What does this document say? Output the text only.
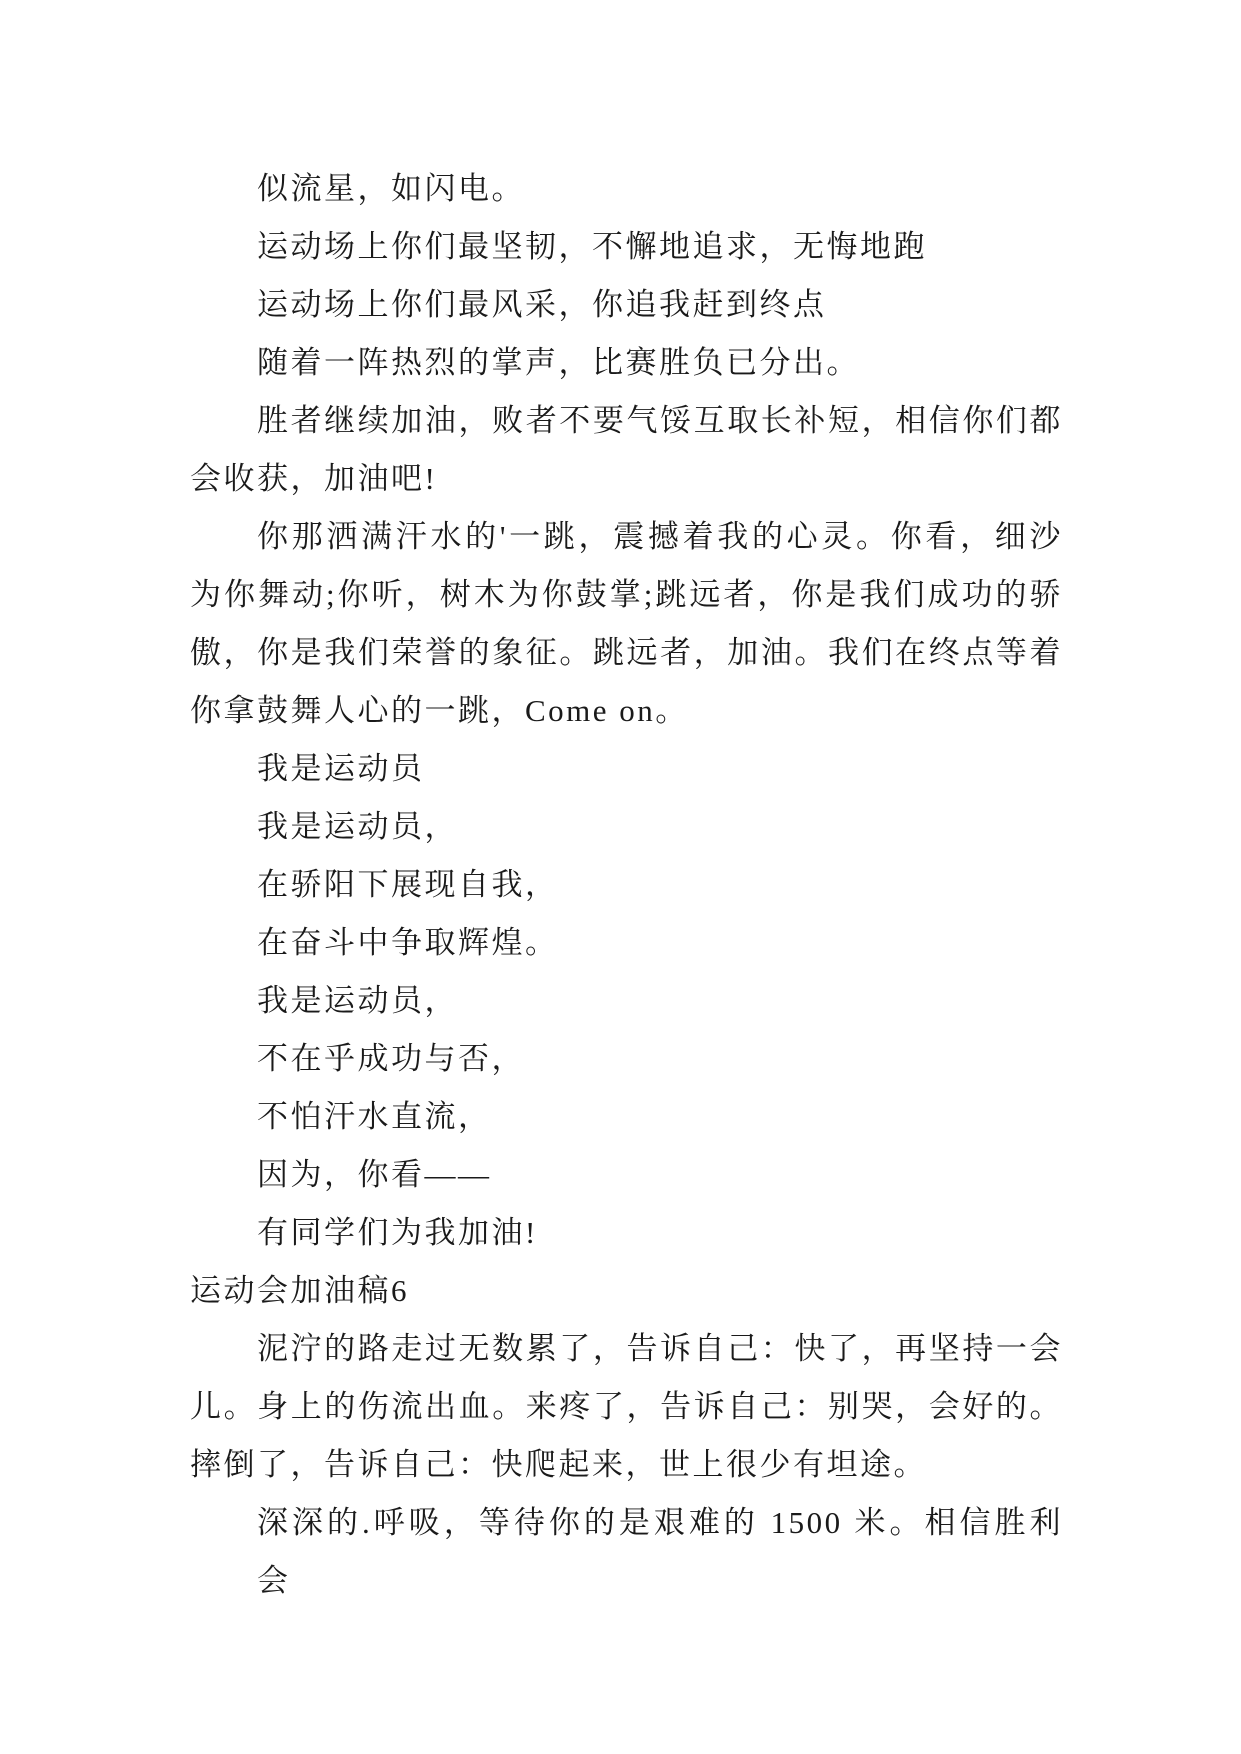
似流星，如闪电。
运动场上你们最坚韧，不懈地追求，无悔地跑
运动场上你们最风采，你追我赶到终点
随着一阵热烈的掌声，比赛胜负已分出。
胜者继续加油，败者不要气馁互取长补短，相信你们都
会收获，加油吧!
你那洒满汗水的'一跳，震撼着我的心灵。你看，细沙
为你舞动;你听，树木为你鼓掌;跳远者，你是我们成功的骄
傲，你是我们荣誉的象征。跳远者，加油。我们在终点等着
你拿鼓舞人心的一跳，Come on。
我是运动员
我是运动员，
在骄阳下展现自我，
在奋斗中争取辉煌。
我是运动员，
不在乎成功与否，
不怕汗水直流，
因为，你看——
有同学们为我加油!
运动会加油稿6
泥泞的路走过无数累了，告诉自己：快了，再坚持一会
儿。身上的伤流出血。来疼了，告诉自己：别哭，会好的。
摔倒了，告诉自己：快爬起来，世上很少有坦途。
深深的.呼吸，等待你的是艰难的 1500 米。相信胜利会
